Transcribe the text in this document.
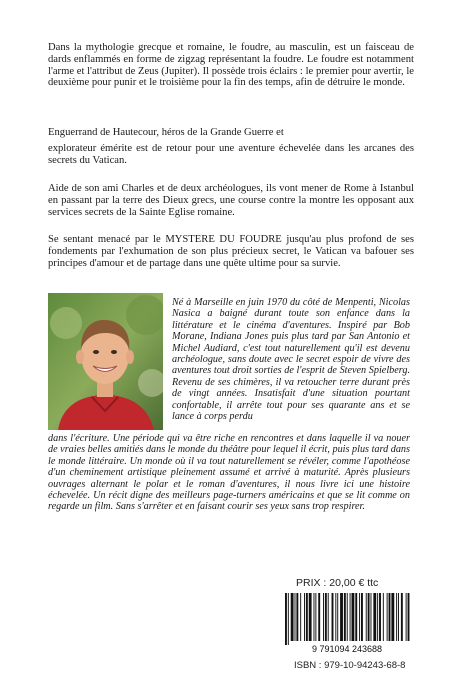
Dans la mythologie grecque et romaine, le foudre, au masculin, est un faisceau de dards enflammés en forme de zigzag représentant la foudre. Le foudre est notamment l'arme et l'attribut de Zeus (Jupiter). Il possède trois éclairs : le premier pour avertir, le deuxième pour punir et le troisième pour la fin des temps, afin de détruire le monde.

Enguerrand de Hautecour, héros de la Grande Guerre et

explorateur émérite est de retour pour une aventure échevelée dans les arcanes des secrets du Vatican.

Aide de son ami Charles et de deux archéologues, ils vont mener de Rome à Istanbul en passant par la terre des Dieux grecs, une course contre la montre les opposant aux services secrets de la Sainte Eglise romaine.

Se sentant menacé par le MYSTERE DU FOUDRE jusqu'au plus profond de ses fondements par l'exhumation de son plus précieux secret, le Vatican va bafouer ses principes d'amour et de partage dans une quête ultime pour sa survie.

Né à Marseille en juin 1970 du côté de Menpenti, Nicolas Nasica a baigné durant toute son enfance dans la littérature et le cinéma d'aventures. Inspiré par Bob Morane, Indiana Jones puis plus tard par San Antonio et Michel Audiard, c'est tout naturellement qu'il est devenu archéologue, sans doute avec le secret espoir de vivre des aventures tout droit sorties de l'esprit de Steven Spielberg. Revenu de ses chimères, il va retoucher terre durant près de vingt années. Insatisfait d'une situation pourtant confortable, il arrête tout pour ses quarante ans et se lance à corps perdu

dans l'écriture. Une période qui va être riche en rencontres et dans laquelle il va nouer de vraies belles amitiés dans le monde du théâtre pour lequel il écrit, puis plus tard dans le monde littéraire. Un monde où il va tout naturellement se révéler, comme l'apothéose d'un cheminement artistique pleinement assumé et arrivé à maturité. Après plusieurs ouvrages alternant le polar et le roman d'aventures, il nous livre ici une histoire échevelée. Un récit digne des meilleurs page-turners américains et que se lit comme on regarde un film. Sans s'arrêter et en faisant courir ses yeux sans trop respirer.

PRIX : 20,00 € ttc
9 791094 243688
ISBN : 979-10-94243-68-8
